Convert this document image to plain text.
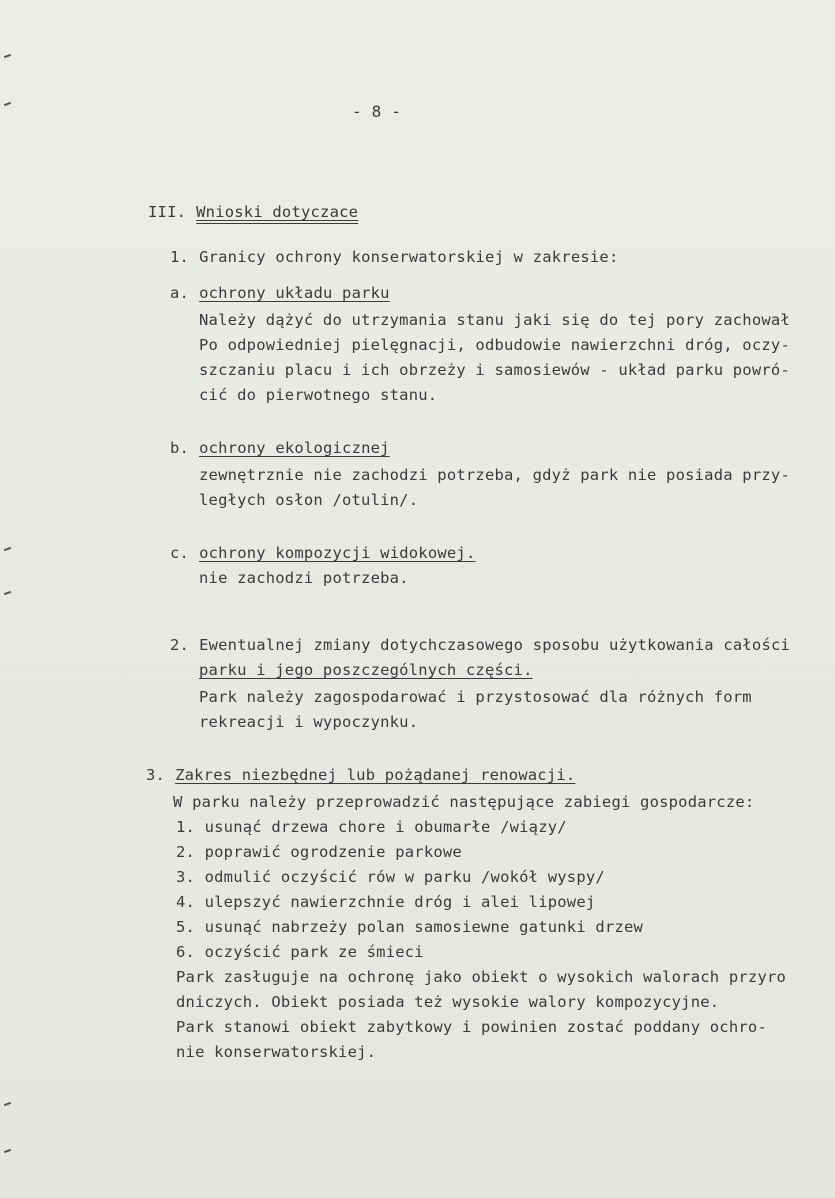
- 8 -
III. Wnioski dotyczace
1. Granicy ochrony konserwatorskiej w zakresie:
a. ochrony układu parku
Należy dążyć do utrzymania stanu jaki się do tej pory zachował
Po odpowiedniej pielęgnacji, odbudowie nawierzchni dróg, oczy-
szczaniu placu i ich obrzeży i samosiewów - układ parku powró-
cić do pierwotnego stanu.
b. ochrony ekologicznej
zewnętrznie nie zachodzi potrzeba, gdyż park nie posiada przy-
ległych osłon /otulin/.
c. ochrony kompozycji widokowej.
nie zachodzi potrzeba.
2. Ewentualnej zmiany dotychczasowego sposobu użytkowania całości
parku i jego poszczególnych części.
Park należy zagospodarować i przystosować dla różnych form
rekreacji i wypoczynku.
3. Zakres niezbędnej lub pożądanej renowacji.
W parku należy przeprowadzić następujące zabiegi gospodarcze:
1. usunąć drzewa chore i obumarłe /wiązy/
2. poprawić ogrodzenie parkowe
3. odmulić oczyścić rów w parku /wokół wyspy/
4. ulepszyć nawierzchnie dróg i alei lipowej
5. usunąć nabrzeży polan samosiewne gatunki drzew
6. oczyścić park ze śmieci
Park zasługuje na ochronę jako obiekt o wysokich walorach przyro
dniczych. Obiekt posiada też wysokie walory kompozycyjne.
Park stanowi obiekt zabytkowy i powinien zostać poddany ochro-
nie konserwatorskiej.
